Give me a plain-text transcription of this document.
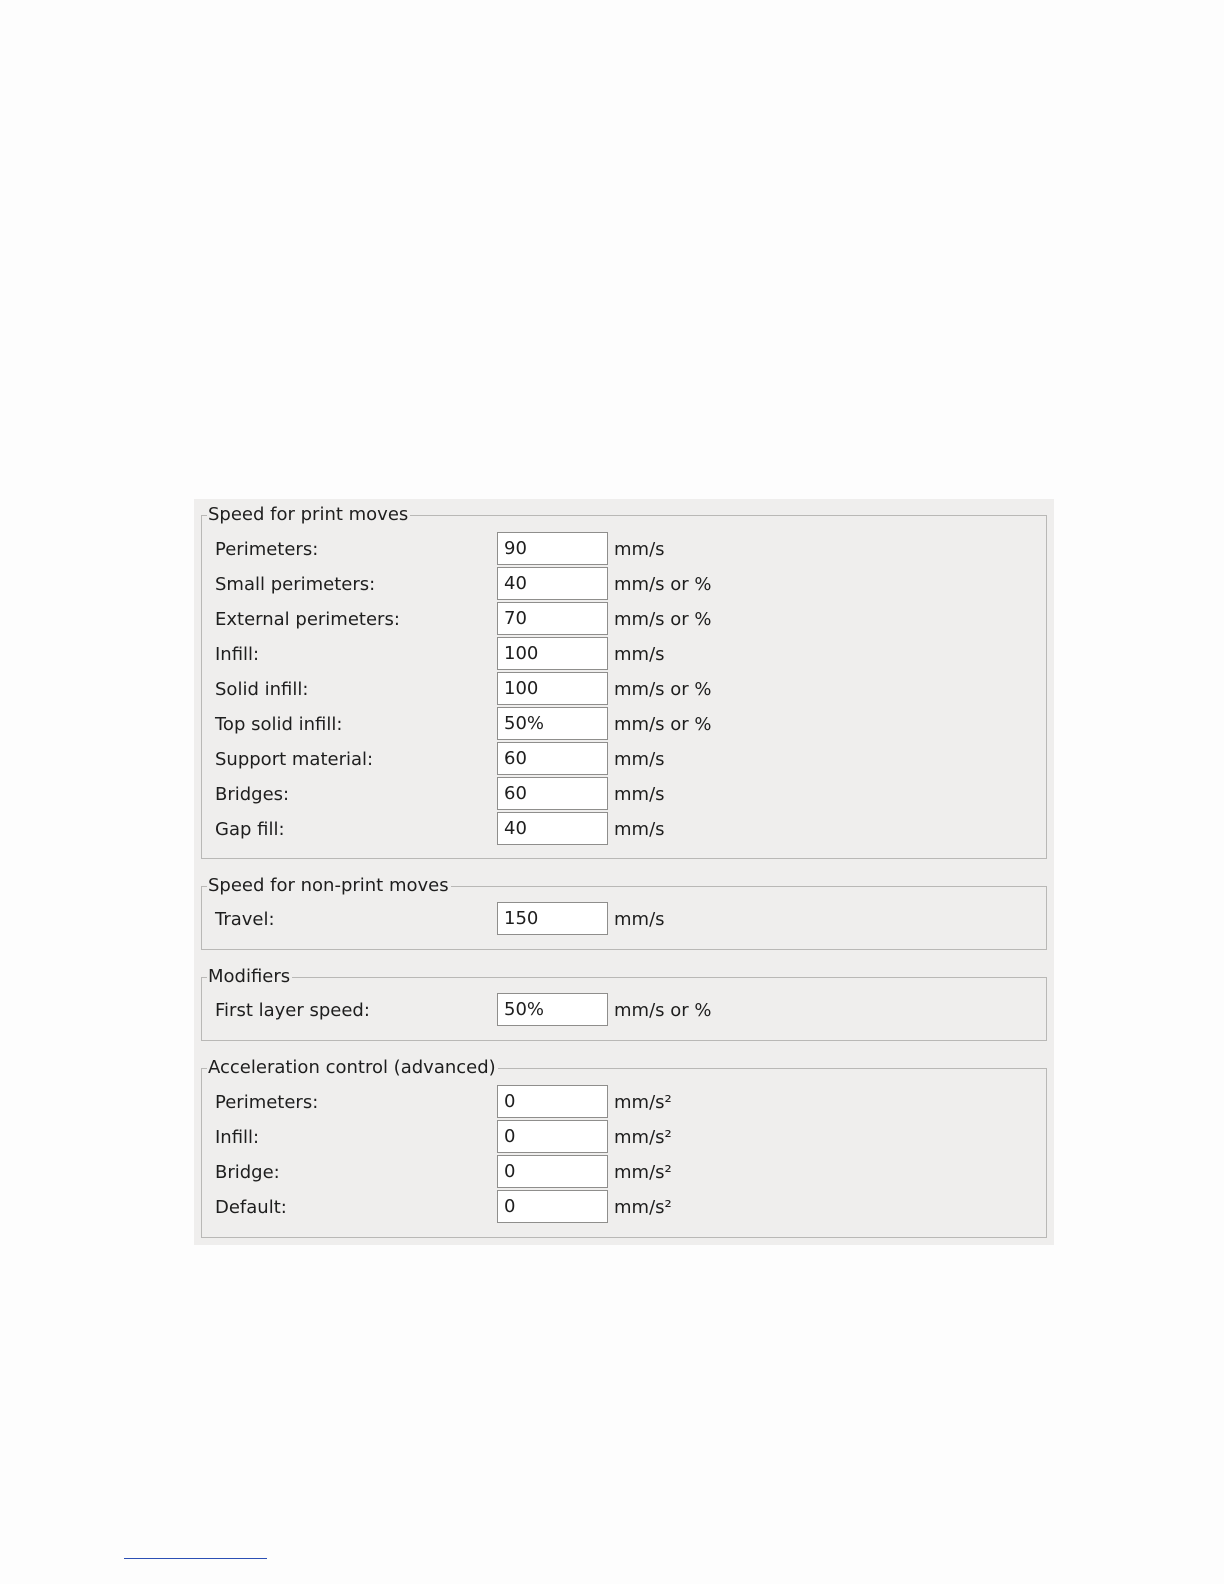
Speed for print moves
Perimeters:
90	mm/s
Small perimeters:
40	mm/s or %
External perimeters:
70	mm/s or %
Infill:
100	mm/s
Solid infill:
100	mm/s or %
Top solid infill:
50%	mm/s or %
Support material:
60	mm/s
Bridges:
60	mm/s
Gap fill:
40	mm/s
Speed for non-print moves
Travel:
150	mm/s
Modifiers
First layer speed:
50%	mm/s or %
Acceleration control (advanced)
Perimeters:
0	mm/s²
Infill:
0	mm/s²
Bridge:
0	mm/s²
Default:
0	mm/s²
